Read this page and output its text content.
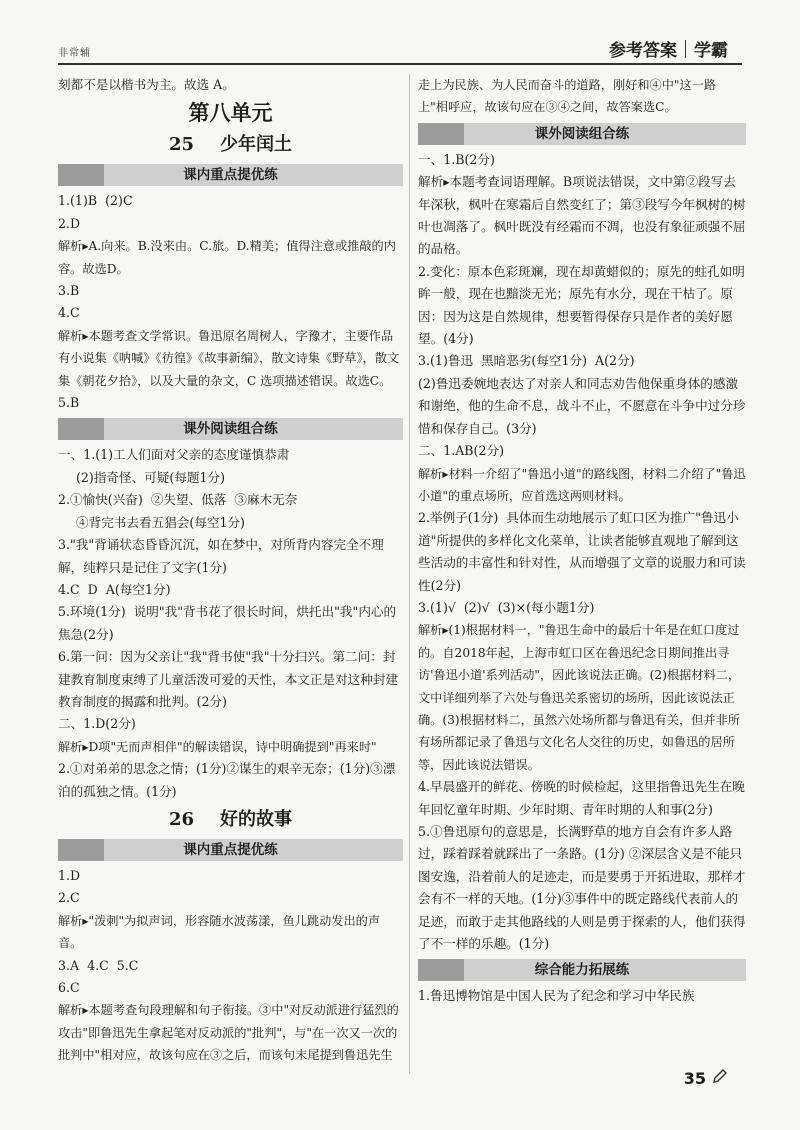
非常辅	参考答案 学霸

刻都不是以楷书为主。故选 A。

第八单元
25 少年闰土
课内重点提优练

1.(1)B  (2)C

2.D

解析▸A.向来。B.没来由。C.旅。D.精美；值得注意或推敲的内容。故选D。

3.B

4.C

解析▸本题考查文学常识。鲁迅原名周树人，字豫才，主要作品有小说集《呐喊》《彷徨》《故事新编》，散文诗集《野草》，散文集《朝花夕拾》，以及大量的杂文，C 选项描述错误。故选C。

5.B

课外阅读组合练

一、1.(1)工人们面对父亲的态度谨慎恭肃

(2)指奇怪、可疑(每题1分)

2.①愉快(兴奋)  ②失望、低落  ③麻木无奈

④背完书去看五猖会(每空1分)

3."我"背诵状态昏昏沉沉，如在梦中，对所背内容完全不理解，纯粹只是记住了文字(1分)

4.C  D  A(每空1分)

5.环境(1分)  说明"我"背书花了很长时间，烘托出"我"内心的焦急(2分)

6.第一问：因为父亲让"我"背书使"我"十分扫兴。第二问：封建教育制度束缚了儿童活泼可爱的天性，本文正是对这种封建教育制度的揭露和批判。(2分)

二、1.D(2分)

解析▸D项"无而声相伴"的解读错误，诗中明确提到"再来时"

2.①对弟弟的思念之情；(1分)②谋生的艰辛无奈；(1分)③漂泊的孤独之情。(1分)

26 好的故事
课内重点提优练

1.D

2.C

解析▸"泼刺"为拟声词，形容随水波荡漾，鱼儿跳动发出的声音。

3.A  4.C  5.C

6.C

解析▸本题考查句段理解和句子衔接。③中"对反动派进行猛烈的攻击"即鲁迅先生拿起笔对反动派的"批判"，与"在一次又一次的批判中"相对应，故该句应在③之后，而该句末尾提到鲁迅先生

走上为民族、为人民而奋斗的道路，刚好和④中"这一路上"相呼应，故该句应在③④之间，故答案选C。

课外阅读组合练

一、1.B(2分)

解析▸本题考查词语理解。B项说法错误，文中第②段写去年深秋，枫叶在寒霜后自然变红了；第③段写今年枫树的树叶也凋落了。枫叶既没有经霜而不凋，也没有象征顽强不屈的品格。

2.变化：原本色彩斑斓，现在却黄蜡似的；原先的蛀孔如明眸一般，现在也黯淡无光；原先有水分，现在干枯了。原因：因为这是自然规律，想要暂得保存只是作者的美好愿望。(4分)

3.(1)鲁迅  黑暗恶劣(每空1分)  A(2分)

(2)鲁迅委婉地表达了对亲人和同志劝告他保重身体的感激和谢绝，他的生命不息，战斗不止，不愿意在斗争中过分珍惜和保存自己。(3分)

二、1.AB(2分)

解析▸材料一介绍了"鲁迅小道"的路线图，材料二介绍了"鲁迅小道"的重点场所，应首选这两则材料。

2.举例子(1分)  具体而生动地展示了虹口区为推广"鲁迅小道"所提供的多样化文化菜单，让读者能够直观地了解到这些活动的丰富性和针对性，从而增强了文章的说服力和可读性(2分)

3.(1)√  (2)√  (3)×(每小题1分)

解析▸(1)根据材料一，"鲁迅生命中的最后十年是在虹口度过的。自2018年起，上海市虹口区在鲁迅纪念日期间推出寻访'鲁迅小道'系列活动"，因此该说法正确。(2)根据材料二，文中详细列举了六处与鲁迅关系密切的场所，因此该说法正确。(3)根据材料二，虽然六处场所都与鲁迅有关，但并非所有场所都记录了鲁迅与文化名人交往的历史，如鲁迅的居所等，因此该说法错误。

4.早晨盛开的鲜花、傍晚的时候检起，这里指鲁迅先生在晚年回忆童年时期、少年时期、青年时期的人和事(2分)

5.①鲁迅原句的意思是，长满野草的地方自会有许多人路过，踩着踩着就踩出了一条路。(1分) ②深层含义是不能只图安逸，沿着前人的足迹走，而是要勇于开拓进取，那样才会有不一样的天地。(1分)③事件中的既定路线代表前人的足迹，而敢于走其他路线的人则是勇于探索的人，他们获得了不一样的乐趣。(1分)

综合能力拓展练

1.鲁迅博物馆是中国人民为了纪念和学习中华民族

35
